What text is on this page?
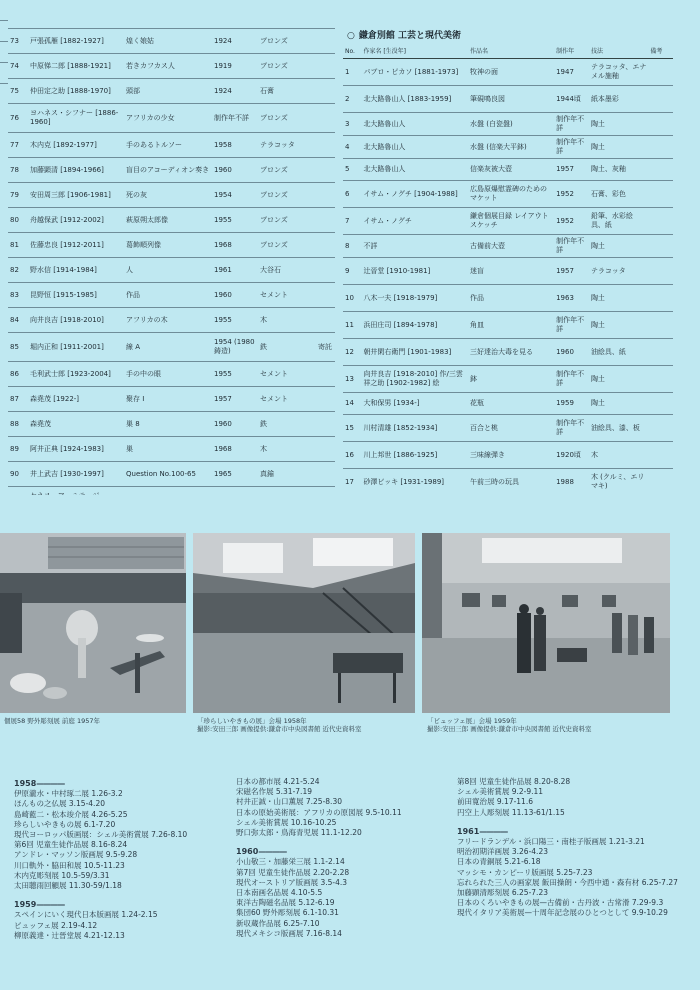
73	戸張孤雁 [1882-1927]	煌く娘姑	1924	ブロンズ	
74	中原悌二郎 [1888-1921]	若きカフカス人	1919	ブロンズ	
75	仲田定之助 [1888-1970]	頭部	1924	石膏	
76	ヨハネス・シフナー [1886-1960]	アフリカの少女	制作年不詳	ブロンズ	
77	木内克 [1892-1977]	手のあるトルソー	1958	テラコッタ	
78	加藤顕清 [1894-1966]	盲目のアコーディオン奏き	1960	ブロンズ	
79	安田周三郎 [1906-1981]	死の灰	1954	ブロンズ	
80	舟越保武 [1912-2002]	萩原朔太郎像	1955	ブロンズ	
81	佐藤忠良 [1912-2011]	葛飾順列像	1968	ブロンズ	
82	野水信 [1914-1984]	人	1961	大谷石	
83	昆野恒 [1915-1985]	作品	1960	セメント	
84	向井良吉 [1918-2010]	アフリカの木	1955	木	
85	堀内正和 [1911-2001]	線 A	1954 (1980鋳造)	鉄	寄託
86	毛利武士郎 [1923-2004]	手の中の眼	1955	セメント	
87	森堯茂 [1922-]	聚存 I	1957	セメント	
88	森堯茂	巣 8	1960	鉄	
89	阿井正典 [1924-1983]	巣	1968	木	
90	井上武吉 [1930-1997]	Question No.100-65	1965	真鍮	

○ 鎌倉別館 工芸と現代美術
No.	作家名 [生没年]	作品名	制作年	技法	備考
1	パブロ・ピカソ [1881-1973]	牧神の面	1947	テラコッタ、エナメル施釉	
2	北大路魯山人 [1883-1959]	筆硯鳴良図	1944頃	紙本墨彩	
3	北大路魯山人	水盤 (白瓷盤)	制作年不詳	陶土	
4	北大路魯山人	水盤 (信楽大平鉢)	制作年不詳	陶土	
5	北大路魯山人	信楽灰被大壺	1957	陶土、灰釉	
6	イサム・ノグチ [1904-1988]	広島原爆慰霊碑のためのマケット	1952	石膏、彩色	
7	イサム・ノグチ	鎌倉個展目録 レイアウトスケッチ	1952	鉛筆、水彩絵具、紙	
8	不詳	古備前大壺	制作年不詳	陶土	
9	辻晉堂 [1910-1981]	迷盲	1957	テラコッタ	
10	八木一夫 [1918-1979]	作品	1963	陶土	
11	浜田庄司 [1894-1978]	角皿	制作年不詳	陶土	
12	朝井閑右衛門 [1901-1983]	三好達治大毒を見る	1960	油絵具、紙	
13	向井良吉 [1918-2010] 作/三雲祥之助 [1902-1982] 絵	鉢	制作年不詳	陶土	
14	大和保男 [1934-]	花瓶	1959	陶土	
15	川村清雄 [1852-1934]	百合と桃	制作年不詳	油絵具、漆、板	
16	川上邦世 [1886-1925]	三味線弾き	1920頃	木	
17	砂澤ビッキ [1931-1989]	午前三時の玩具	1988	木 (クルミ、エリマキ)	
個展58 野外彫刻展 前庭 1957年	「珍らしいやきもの展」会場 1958年
撮影:安田三郎 画像提供:鎌倉市中央図書館 近代史資料室
「ビュッフェ展」会場 1959年
撮影:安田三郎 画像提供:鎌倉市中央図書館 近代史資料室
1958————
伊原瀧水・中村琢二展 1.26-3.2
ほんもの之仏展 3.15-4.20
島崎藍二・松本竣介展 4.26-5.25
珍らしいやきもの展 6.1-7.20
現代ヨーロッパ版画展：シェル美術賞展 7.26-8.10
第6回 児童生徒作品展 8.16-8.24
アンドレ・マッソン版画展 9.5-9.28
川口軌外・脇田和展 10.5-11.23
木内克彫刻展 10.5-59/3.31
太田聴雨回顧展 11.30-59/1.18
1959————
スペインにいく現代日本版画展 1.24-2.15
ビュッフェ展 2.19-4.12
柳原義達・辻晉堂展 4.21-12.13
日本の都市展 4.21-5.24
宋磁名作展 5.31-7.19
村井正誠・山口薫展 7.25-8.30
日本の原始美術展：アフリカの原図展 9.5-10.11
シェル美術賞展 10.16-10.25
野口弥太郎・鳥海青児展 11.1-12.20
1960————
小山敬三・加藤栄三展 1.1-2.14
第7回 児童生徒作品展 2.20-2.28
現代オーストリア版画展 3.5-4.3
日本南画名品展 4.10-5.5
東洋古陶磁名品展 5.12-6.19
集団60 野外彫刻展 6.1-10.31
新収蔵作品展 6.25-7.10
現代メキシコ版画展 7.16-8.14
第8回 児童生徒作品展 8.20-8.28
シェル美術賞展 9.2-9.11
前田寛治展 9.17-11.6
円空上人彫刻展 11.13-61/1.15
1961————
フリードランデル・浜口陽三・南桂子版画展 1.21-3.21
明治初期洋画展 3.26-4.23
日本の青銅展 5.21-6.18
マッシモ・カンピーリ版画展 5.25-7.23
忘れられた三人の画家展 飯田操朗・今西中通・森有材 6.25-7.27
加藤顕清彫刻展 6.25-7.23
日本のくろいやきもの展—古備前・古丹波・古常滑 7.29-9.3
現代イタリア美術展—十周年記念展のひとつとして 9.9-10.29
